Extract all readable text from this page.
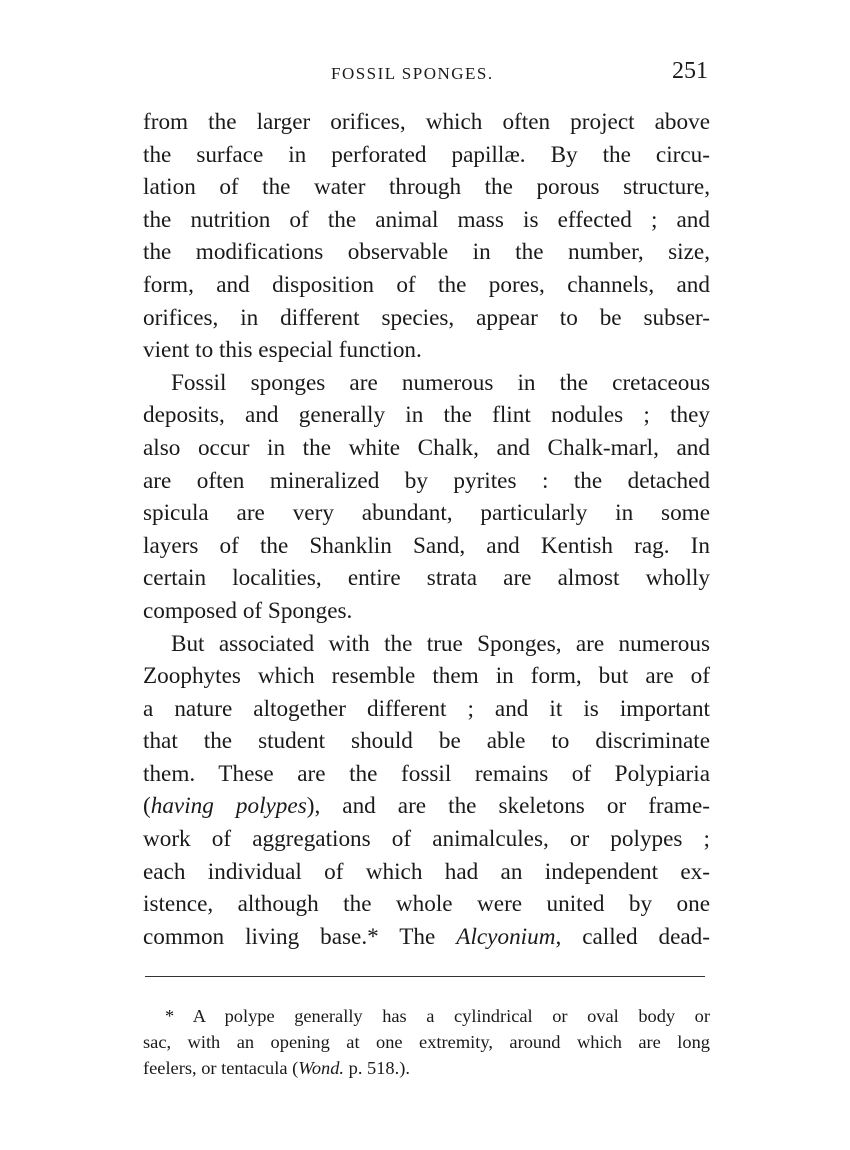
FOSSIL SPONGES.	251
from the larger orifices, which often project above
the surface in perforated papillæ. By the circu-
lation of the water through the porous structure,
the nutrition of the animal mass is effected ; and
the modifications observable in the number, size,
form, and disposition of the pores, channels, and
orifices, in different species, appear to be subser-
vient to this especial function.
Fossil sponges are numerous in the cretaceous
deposits, and generally in the flint nodules ; they
also occur in the white Chalk, and Chalk-marl, and
are often mineralized by pyrites : the detached
spicula are very abundant, particularly in some
layers of the Shanklin Sand, and Kentish rag. In
certain localities, entire strata are almost wholly
composed of Sponges.
But associated with the true Sponges, are numerous
Zoophytes which resemble them in form, but are of
a nature altogether different ; and it is important
that the student should be able to discriminate
them. These are the fossil remains of Polypiaria
(having polypes), and are the skeletons or frame-
work of aggregations of animalcules, or polypes ;
each individual of which had an independent ex-
istence, although the whole were united by one
common living base.* The Alcyonium, called dead-
* A polype generally has a cylindrical or oval body or
sac, with an opening at one extremity, around which are long
feelers, or tentacula (Wond. p. 518.).
